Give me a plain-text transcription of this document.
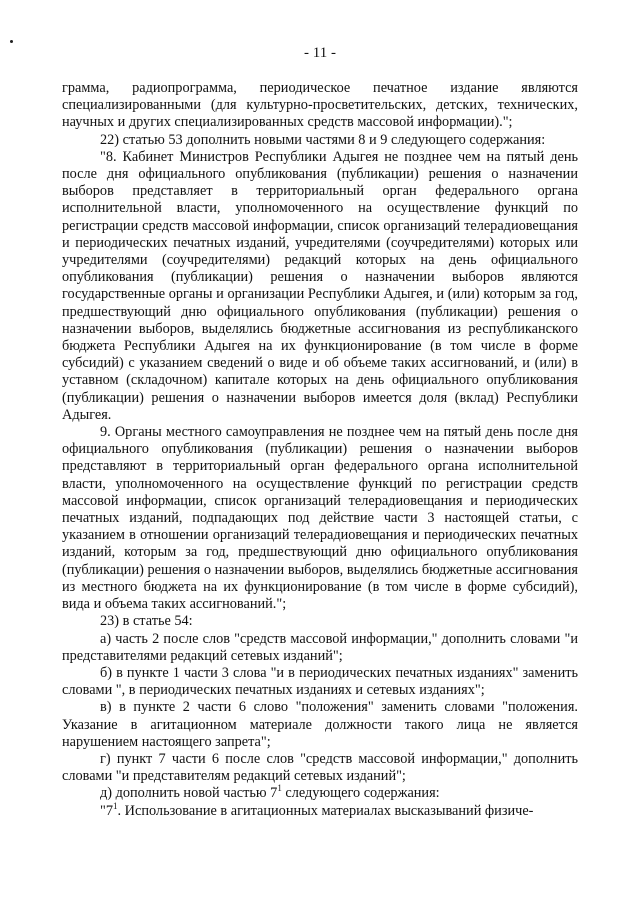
- 11 -

грамма, радиопрограмма, периодическое печатное издание являются специализированными (для культурно-просветительских, детских, технических, научных и других специализированных средств массовой информации).";

22) статью 53 дополнить новыми частями 8 и 9 следующего содержания:

"8. Кабинет Министров Республики Адыгея не позднее чем на пятый день после дня официального опубликования (публикации) решения о назначении выборов представляет в территориальный орган федерального органа исполнительной власти, уполномоченного на осуществление функций по регистрации средств массовой информации, список организаций телерадиовещания и периодических печатных изданий, учредителями (соучредителями) которых или учредителями (соучредителями) редакций которых на день официального опубликования (публикации) решения о назначении выборов являются государственные органы и организации Республики Адыгея, и (или) которым за год, предшествующий дню официального опубликования (публикации) решения о назначении выборов, выделялись бюджетные ассигнования из республиканского бюджета Республики Адыгея на их функционирование (в том числе в форме субсидий) с указанием сведений о виде и об объеме таких ассигнований, и (или) в уставном (складочном) капитале которых на день официального опубликования (публикации) решения о назначении выборов имеется доля (вклад) Республики Адыгея.

9. Органы местного самоуправления не позднее чем на пятый день после дня официального опубликования (публикации) решения о назначении выборов представляют в территориальный орган федерального органа исполнительной власти, уполномоченного на осуществление функций по регистрации средств массовой информации, список организаций телерадиовещания и периодических печатных изданий, подпадающих под действие части 3 настоящей статьи, с указанием в отношении организаций телерадиовещания и периодических печатных изданий, которым за год, предшествующий дню официального опубликования (публикации) решения о назначении выборов, выделялись бюджетные ассигнования из местного бюджета на их функционирование (в том числе в форме субсидий), вида и объема таких ассигнований.";

23) в статье 54:

а) часть 2 после слов "средств массовой информации," дополнить словами "и представителями редакций сетевых изданий";

б) в пункте 1 части 3 слова "и в периодических печатных изданиях" заменить словами ", в периодических печатных изданиях и сетевых изданиях";

в) в пункте 2 части 6 слово "положения" заменить словами "положения. Указание в агитационном материале должности такого лица не является нарушением настоящего запрета";

г) пункт 7 части 6 после слов "средств массовой информации," дополнить словами "и представителям редакций сетевых изданий";

д) дополнить новой частью $7^1$ следующего содержания:

"$7^1$. Использование в агитационных материалах высказываний физиче-
